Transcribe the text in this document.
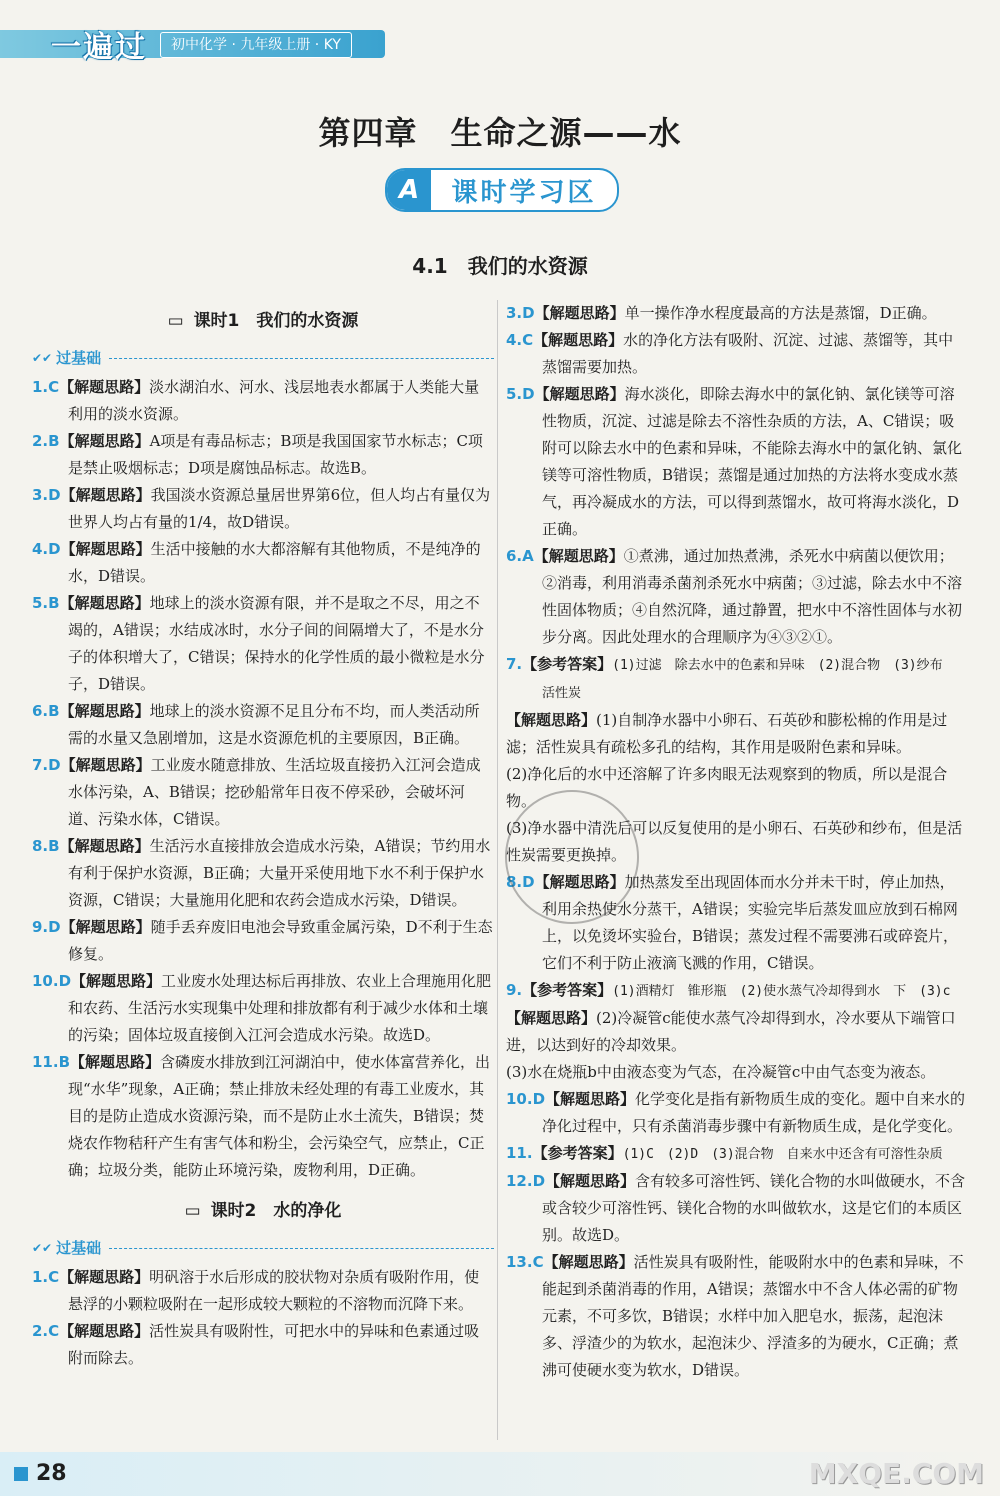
一遍过	初中化学 · 九年级上册 · KY
第四章　生命之源——水
A	课时学习区
4.1　我们的水资源
▭ 课时1　我们的水资源
✔✔ 过基础

1.C【解题思路】淡水湖泊水、河水、浅层地表水都属于人类能大量利用的淡水资源。

2.B【解题思路】A项是有毒品标志；B项是我国国家节水标志；C项是禁止吸烟标志；D项是腐蚀品标志。故选B。

3.D【解题思路】我国淡水资源总量居世界第6位，但人均占有量仅为世界人均占有量的1/4，故D错误。

4.D【解题思路】生活中接触的水大都溶解有其他物质，不是纯净的水，D错误。

5.B【解题思路】地球上的淡水资源有限，并不是取之不尽，用之不竭的，A错误；水结成冰时，水分子间的间隔增大了，不是水分子的体积增大了，C错误；保持水的化学性质的最小微粒是水分子，D错误。

6.B【解题思路】地球上的淡水资源不足且分布不均，而人类活动所需的水量又急剧增加，这是水资源危机的主要原因，B正确。

7.D【解题思路】工业废水随意排放、生活垃圾直接扔入江河会造成水体污染，A、B错误；挖砂船常年日夜不停采砂，会破坏河道、污染水体，C错误。

8.B【解题思路】生活污水直接排放会造成水污染，A错误；节约用水有利于保护水资源，B正确；大量开采使用地下水不利于保护水资源，C错误；大量施用化肥和农药会造成水污染，D错误。

9.D【解题思路】随手丢弃废旧电池会导致重金属污染，D不利于生态修复。

10.D【解题思路】工业废水处理达标后再排放、农业上合理施用化肥和农药、生活污水实现集中处理和排放都有利于减少水体和土壤的污染；固体垃圾直接倒入江河会造成水污染。故选D。

11.B【解题思路】含磷废水排放到江河湖泊中，使水体富营养化，出现“水华”现象，A正确；禁止排放未经处理的有毒工业废水，其目的是防止造成水资源污染，而不是防止水土流失，B错误；焚烧农作物秸秆产生有害气体和粉尘，会污染空气，应禁止，C正确；垃圾分类，能防止环境污染，废物利用，D正确。

▭ 课时2　水的净化
✔✔ 过基础

1.C【解题思路】明矾溶于水后形成的胶状物对杂质有吸附作用，使悬浮的小颗粒吸附在一起形成较大颗粒的不溶物而沉降下来。

2.C【解题思路】活性炭具有吸附性，可把水中的异味和色素通过吸附而除去。

3.D【解题思路】单一操作净水程度最高的方法是蒸馏，D正确。

4.C【解题思路】水的净化方法有吸附、沉淀、过滤、蒸馏等，其中蒸馏需要加热。

5.D【解题思路】海水淡化，即除去海水中的氯化钠、氯化镁等可溶性物质，沉淀、过滤是除去不溶性杂质的方法，A、C错误；吸附可以除去水中的色素和异味，不能除去海水中的氯化钠、氯化镁等可溶性物质，B错误；蒸馏是通过加热的方法将水变成水蒸气，再冷凝成水的方法，可以得到蒸馏水，故可将海水淡化，D正确。

6.A【解题思路】①煮沸，通过加热煮沸，杀死水中病菌以便饮用；②消毒，利用消毒杀菌剂杀死水中病菌；③过滤，除去水中不溶性固体物质；④自然沉降，通过静置，把水中不溶性固体与水初步分离。因此处理水的合理顺序为④③②①。

7.【参考答案】(1)过滤　除去水中的色素和异味　(2)混合物　(3)纱布　活性炭

【解题思路】(1)自制净水器中小卵石、石英砂和膨松棉的作用是过滤；活性炭具有疏松多孔的结构，其作用是吸附色素和异味。

(2)净化后的水中还溶解了许多肉眼无法观察到的物质，所以是混合物。

(3)净水器中清洗后可以反复使用的是小卵石、石英砂和纱布，但是活性炭需要更换掉。

8.D【解题思路】加热蒸发至出现固体而水分并未干时，停止加热，利用余热使水分蒸干，A错误；实验完毕后蒸发皿应放到石棉网上，以免烫坏实验台，B错误；蒸发过程不需要沸石或碎瓷片，它们不利于防止液滴飞溅的作用，C错误。

9.【参考答案】(1)酒精灯　锥形瓶　(2)使水蒸气冷却得到水　下　(3)c

【解题思路】(2)冷凝管c能使水蒸气冷却得到水，冷水要从下端管口进，以达到好的冷却效果。

(3)水在烧瓶b中由液态变为气态，在冷凝管c中由气态变为液态。

10.D【解题思路】化学变化是指有新物质生成的变化。题中自来水的净化过程中，只有杀菌消毒步骤中有新物质生成，是化学变化。

11.【参考答案】(1)C　(2)D　(3)混合物　自来水中还含有可溶性杂质

12.D【解题思路】含有较多可溶性钙、镁化合物的水叫做硬水，不含或含较少可溶性钙、镁化合物的水叫做软水，这是它们的本质区别。故选D。

13.C【解题思路】活性炭具有吸附性，能吸附水中的色素和异味，不能起到杀菌消毒的作用，A错误；蒸馏水中不含人体必需的矿物元素，不可多饮，B错误；水样中加入肥皂水，振荡，起泡沫多、浮渣少的为软水，起泡沫少、浮渣多的为硬水，C正确；煮沸可使硬水变为软水，D错误。

28	MXQE.COM
